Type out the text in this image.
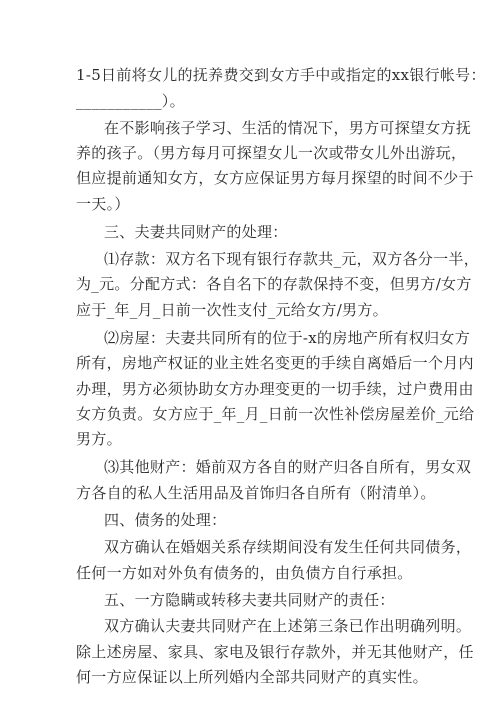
1-5日前将女儿的抚养费交到女方手中或指定的xx银行帐号：
___________）。
在不影响孩子学习、生活的情况下，男方可探望女方抚
养的孩子。（男方每月可探望女儿一次或带女儿外出游玩，
但应提前通知女方，女方应保证男方每月探望的时间不少于
一天。）
三、夫妻共同财产的处理：
⑴存款：双方名下现有银行存款共_元，双方各分一半，
为_元。分配方式：各自名下的存款保持不变，但男方/女方
应于_年_月_日前一次性支付_元给女方/男方。
⑵房屋：夫妻共同所有的位于-x的房地产所有权归女方
所有，房地产权证的业主姓名变更的手续自离婚后一个月内
办理，男方必须协助女方办理变更的一切手续，过户费用由
女方负责。女方应于_年_月_日前一次性补偿房屋差价_元给
男方。
⑶其他财产：婚前双方各自的财产归各自所有，男女双
方各自的私人生活用品及首饰归各自所有（附清单）。
四、债务的处理：
双方确认在婚姻关系存续期间没有发生任何共同债务，
任何一方如对外负有债务的，由负债方自行承担。
五、一方隐瞒或转移夫妻共同财产的责任：
双方确认夫妻共同财产在上述第三条已作出明确列明。
除上述房屋、家具、家电及银行存款外，并无其他财产，任
何一方应保证以上所列婚内全部共同财产的真实性。
